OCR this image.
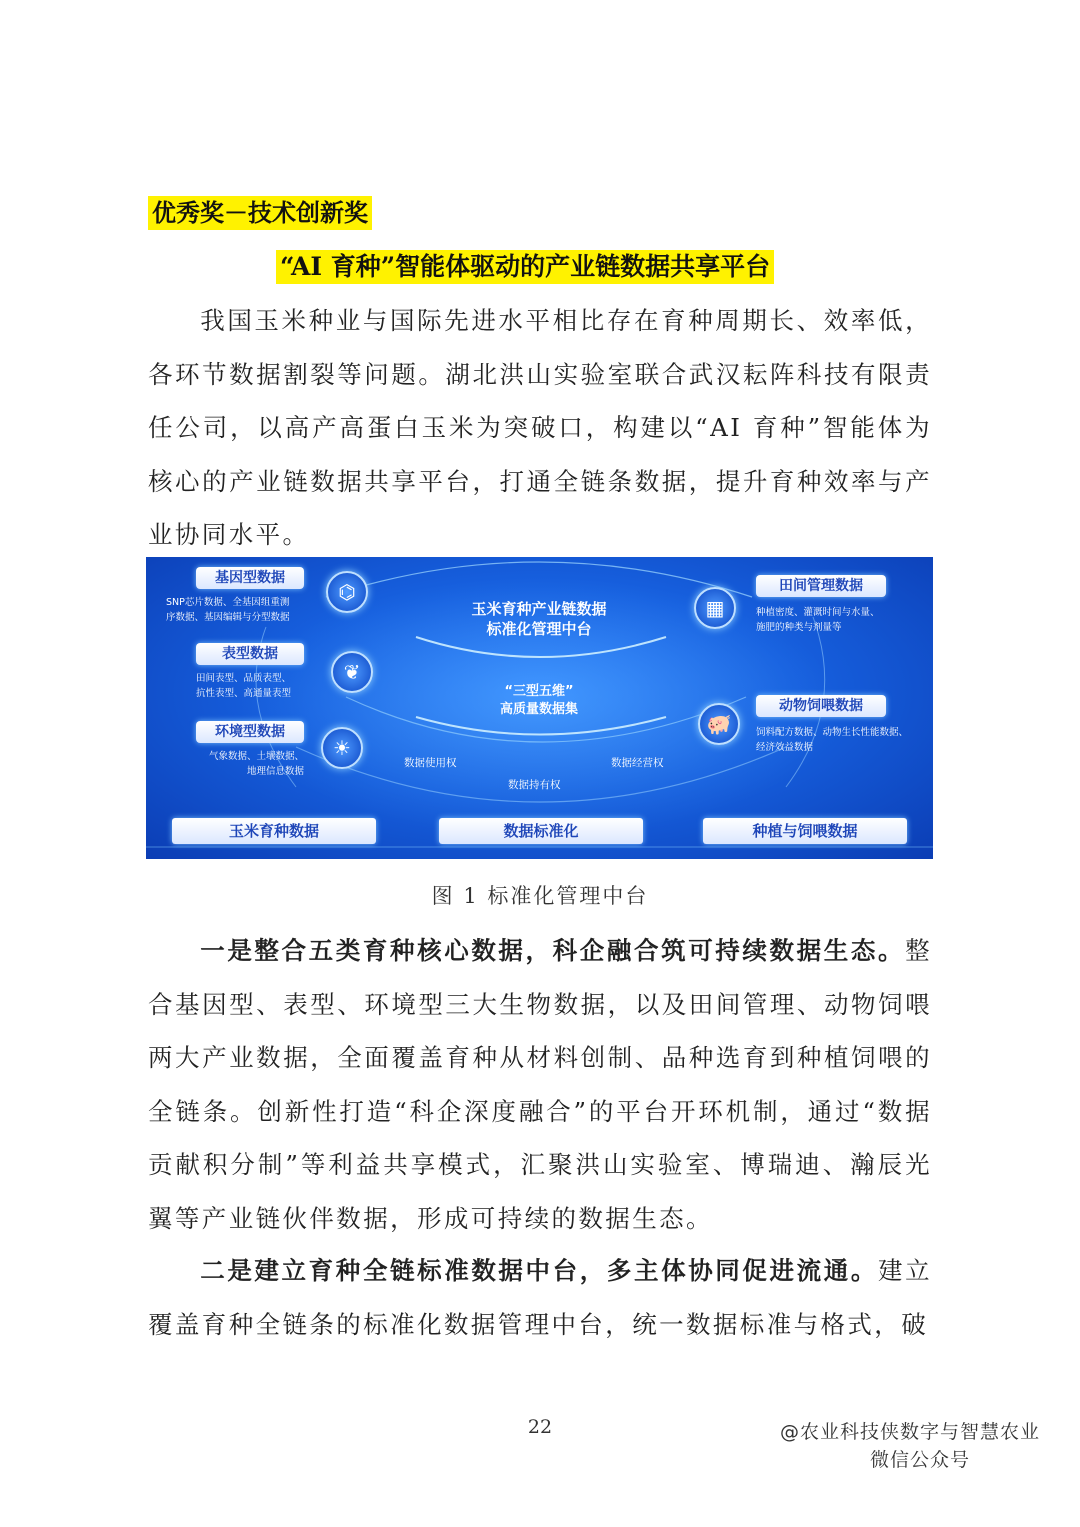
优秀奖－技术创新奖
“AI 育种”智能体驱动的产业链数据共享平台

我国玉米种业与国际先进水平相比存在育种周期长、效率低，各环节数据割裂等问题。湖北洪山实验室联合武汉耘阵科技有限责任公司，以高产高蛋白玉米为突破口，构建以“AI 育种”智能体为核心的产业链数据共享平台，打通全链条数据，提升育种效率与产业协同水平。

基因型数据
SNP芯片数据、全基因组重测
序数据、基因编辑与分型数据
⌬
表型数据
田间表型、品质表型、
抗性表型、高通量表型
❦
环境型数据
气象数据、土壤数据、
地理信息数据
☀
玉米育种产业链数据
标准化管理中台
“三型五维”
高质量数据集
数据使用权
数据持有权
数据经营权
▦
田间管理数据
种植密度、灌溉时间与水量、
施肥的种类与剂量等
🐖
动物饲喂数据
饲料配方数据、动物生长性能数据、
经济效益数据
玉米育种数据	数据标准化	种植与饲喂数据
图 1 标准化管理中台

一是整合五类育种核心数据，科企融合筑可持续数据生态。整合基因型、表型、环境型三大生物数据，以及田间管理、动物饲喂两大产业数据，全面覆盖育种从材料创制、品种选育到种植饲喂的全链条。创新性打造“科企深度融合”的平台开环机制，通过“数据贡献积分制”等利益共享模式，汇聚洪山实验室、博瑞迪、瀚辰光翼等产业链伙伴数据，形成可持续的数据生态。

二是建立育种全链标准数据中台，多主体协同促进流通。建立覆盖育种全链条的标准化数据管理中台，统一数据标准与格式，破

22	@农业科技侠数字与智慧农业
微信公众号
